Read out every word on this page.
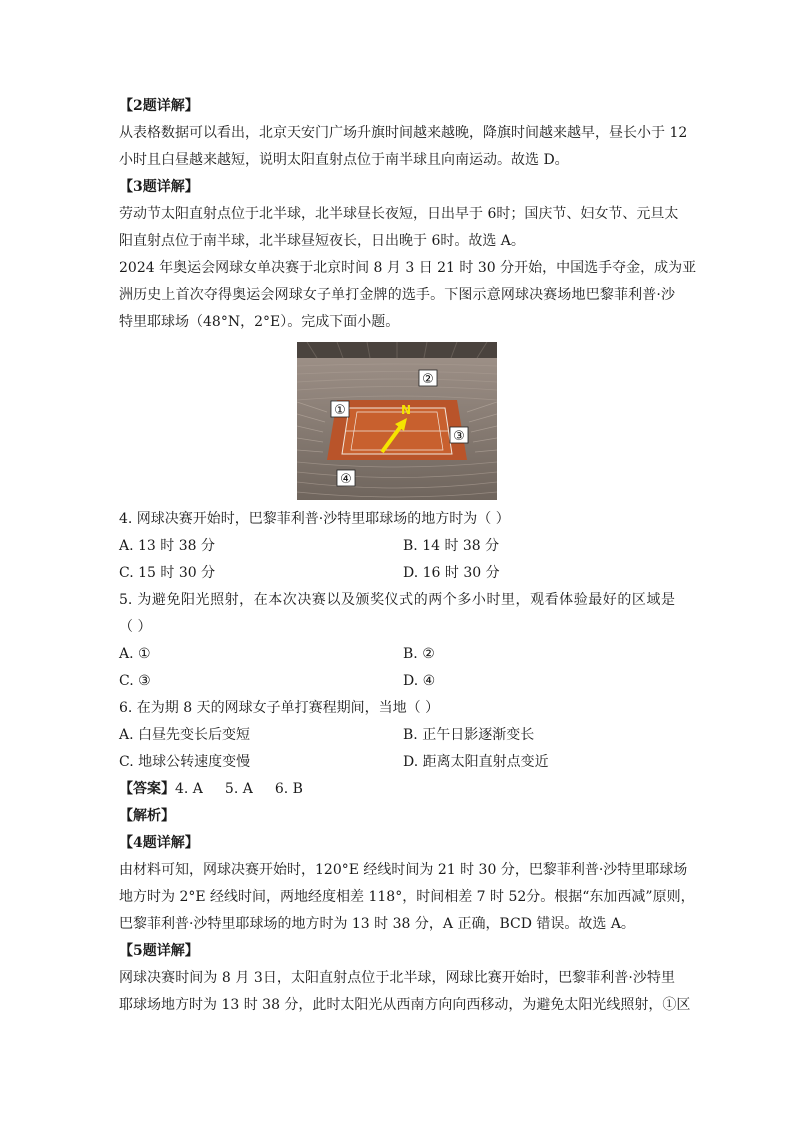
【2题详解】
从表格数据可以看出，北京天安门广场升旗时间越来越晚，降旗时间越来越早，昼长小于 12
小时且白昼越来越短，说明太阳直射点位于南半球且向南运动。故选 D。
【3题详解】
劳动节太阳直射点位于北半球，北半球昼长夜短，日出早于 6时；国庆节、妇女节、元旦太
阳直射点位于南半球，北半球昼短夜长，日出晚于 6时。故选 A。
2024 年奥运会网球女单决赛于北京时间 8 月 3 日 21 时 30 分开始，中国选手夺金，成为亚
洲历史上首次夺得奥运会网球女子单打金牌的选手。下图示意网球决赛场地巴黎菲利普·沙
特里耶球场（48°N，2°E）。完成下面小题。
N
①
②
③
④
4. 网球决赛开始时，巴黎菲利普·沙特里耶球场的地方时为（ ）
A. 13 时 38 分	B. 14 时 38 分
C. 15 时 30 分	D. 16 时 30 分
5. 为避免阳光照射，在本次决赛以及颁奖仪式的两个多小时里，观看体验最好的区域是
（ ）
A. ①	B. ②
C. ③	D. ④
6. 在为期 8 天的网球女子单打赛程期间，当地（ ）
A. 白昼先变长后变短	B. 正午日影逐渐变长
C. 地球公转速度变慢	D. 距离太阳直射点变近
【答案】4. A 5. A 6. B
【解析】
【4题详解】
由材料可知，网球决赛开始时，120°E 经线时间为 21 时 30 分，巴黎菲利普·沙特里耶球场
地方时为 2°E 经线时间，两地经度相差 118°，时间相差 7 时 52分。根据“东加西减”原则，
巴黎菲利普·沙特里耶球场的地方时为 13 时 38 分，A 正确，BCD 错误。故选 A。
【5题详解】
网球决赛时间为 8 月 3日，太阳直射点位于北半球，网球比赛开始时，巴黎菲利普·沙特里
耶球场地方时为 13 时 38 分，此时太阳光从西南方向向西移动，为避免太阳光线照射，①区
